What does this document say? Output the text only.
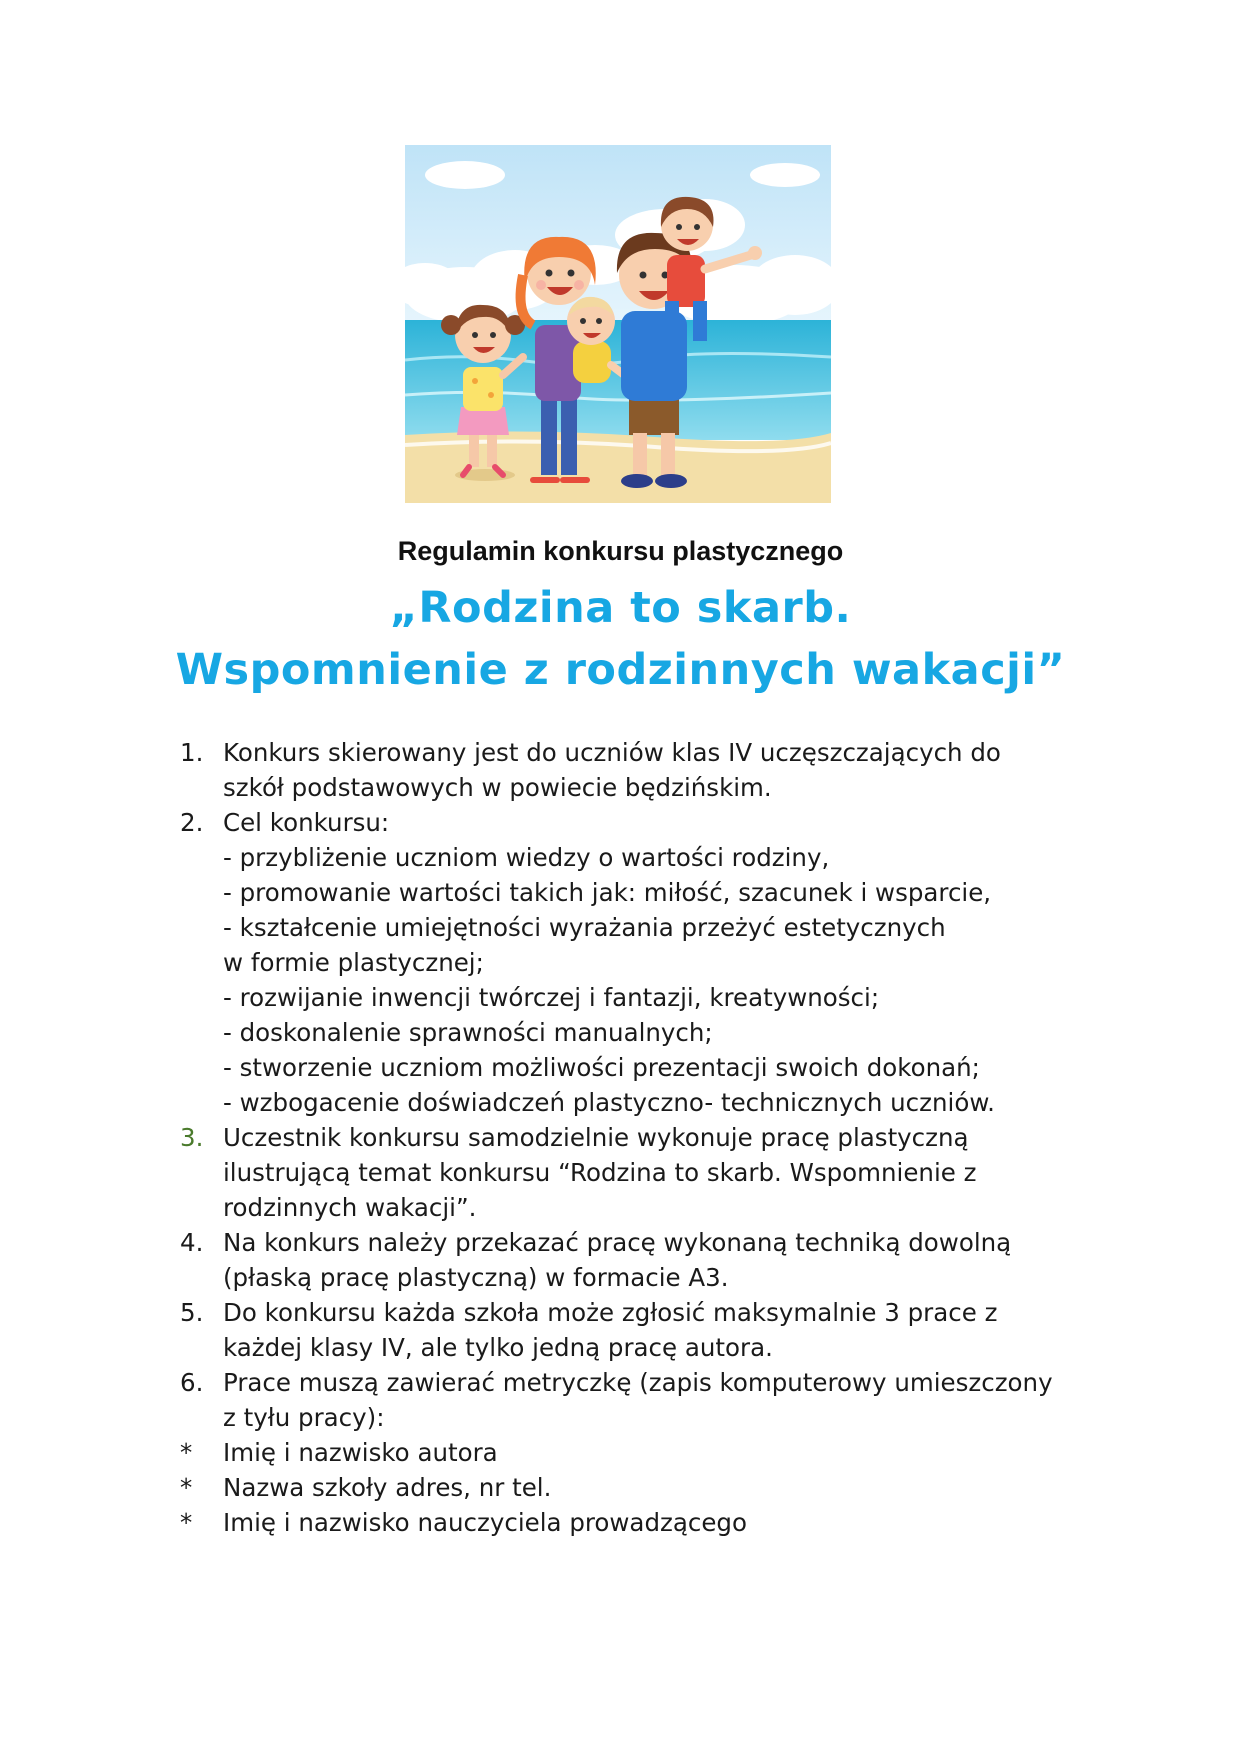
Regulamin konkursu plastycznego
„Rodzina to skarb.
Wspomnienie z rodzinnych wakacji”
1. Konkurs skierowany jest do uczniów klas IV uczęszczających do
szkół podstawowych w powiecie będzińskim.
2. Cel konkursu:
- przybliżenie uczniom wiedzy o wartości rodziny,
- promowanie wartości takich jak: miłość, szacunek i wsparcie,
- kształcenie umiejętności wyrażania przeżyć estetycznych
w formie plastycznej;
- rozwijanie inwencji twórczej i fantazji, kreatywności;
- doskonalenie sprawności manualnych;
- stworzenie uczniom możliwości prezentacji swoich dokonań;
- wzbogacenie doświadczeń plastyczno- technicznych uczniów.
3. Uczestnik konkursu samodzielnie wykonuje pracę plastyczną
ilustrującą temat konkursu “Rodzina to skarb. Wspomnienie z
rodzinnych wakacji”.
4. Na konkurs należy przekazać pracę wykonaną techniką dowolną
(płaską pracę plastyczną) w formacie A3.
5. Do konkursu każda szkoła może zgłosić maksymalnie 3 prace z
każdej klasy IV, ale tylko jedną pracę autora.
6. Prace muszą zawierać metryczkę (zapis komputerowy umieszczony
z tyłu pracy):
*	Imię i nazwisko autora
*	Nazwa szkoły adres, nr tel.
*	Imię i nazwisko nauczyciela prowadzącego
